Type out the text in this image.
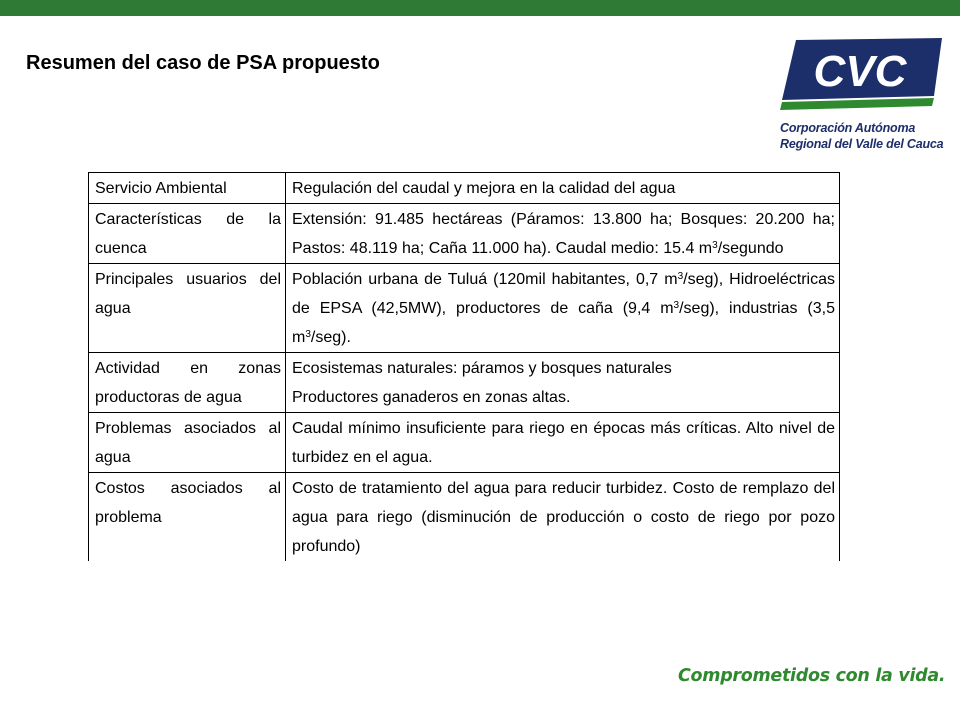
Resumen del caso de PSA propuesto	CVC
Corporación Autónoma
Regional del Valle del Cauca
Servicio Ambiental	Regulación del caudal y mejora en la calidad del agua
Características de la cuenca	Extensión: 91.485 hectáreas (Páramos: 13.800 ha; Bosques: 20.200 ha; Pastos: 48.119 ha; Caña 11.000 ha). Caudal medio: 15.4 $m^3$/segundo
Principales usuarios del agua	Población urbana de Tuluá (120mil habitantes, 0,7 $m^3/seg$), Hidroeléctricas de EPSA (42,5MW), productores de caña (9,4 $m^3/seg$), industrias (3,5 $m^3/seg$).
Actividad en zonas productoras de agua	Ecosistemas naturales: páramos y bosques naturales
Productores ganaderos en zonas altas.

Problemas asociados al agua	Caudal mínimo insuficiente para riego en épocas más críticas. Alto nivel de turbidez en el agua.
Costos asociados al problema	Costo de tratamiento del agua para reducir turbidez. Costo de remplazo del agua para riego (disminución de producción o costo de riego por pozo profundo)
Comprometidos con la vida.
